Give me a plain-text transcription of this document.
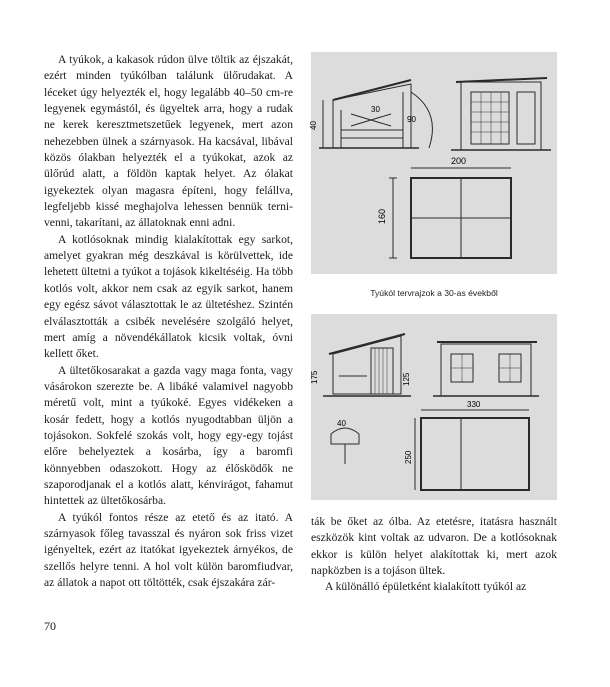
A tyúkok, a kakasok rúdon ülve töltik az éjszakát, ezért minden tyúkólban találunk ülőrudakat. A léceket úgy helyezték el, hogy legalább 40–50 cm-re legyenek egymástól, és ügyeltek arra, hogy a rudak ne kerek keresztmetszetűek legyenek, mert azon nehezebben ülnek a szárnyasok. Ha kacsával, libával közös ólakban helyezték el a tyúkokat, azok az ülőrúd alatt, a földön kaptak helyet. Az ólakat igyekeztek olyan magasra építeni, hogy felállva, legfeljebb kissé meghajolva lehessen bennük terni-venni, takarítani, az állatoknak enni adni.

A kotlósoknak mindig kialakítottak egy sarkot, amelyet gyakran még deszkával is körülvettek, ide lehetett ültetni a tyúkot a tojások kikeltéséig. Ha több kotlós volt, akkor nem csak az egyik sarkot, hanem egy egész sávot választottak le az ültetéshez. Szintén elválasztották a csibék nevelésére szolgáló helyet, mert amíg a növendékállatok kicsik voltak, óvni kellett őket.

A ültetőkosarakat a gazda vagy maga fonta, vagy vásárokon szerezte be. A libáké valamivel nagyobb méretű volt, mint a tyúkoké. Egyes vidékeken a kosár fedett, hogy a kotlós nyugodtabban üljön a tojásokon. Sokfelé szokás volt, hogy egy-egy tojást előre behelyeztek a kosárba, így a baromfi könnyebben odaszokott. Hogy az élősködők ne szaporodjanak el a kotlós alatt, kénvirágot, fahamut hintettek az ültetőkosárba.

A tyúkól fontos része az etető és az itató. A szárnyasok főleg tavasszal és nyáron sok friss vizet igényeltek, ezért az itatókat igyekeztek árnyékos, de szellős helyre tenni. A hol volt külön baromfiudvar, az állatok a napot ott töltötték, csak éjszakára zár-

40
30
90
200
160
Tyúkól tervrajzok a 30-as évekből
175	125
330
250
40

ták be őket az ólba. Az etetésre, itatásra használt eszközök kint voltak az udvaron. De a kotlósoknak ekkor is külön helyet alakítottak ki, mert azok napközben is a tojáson ültek.

A különálló épületként kialakított tyúkól az

70
